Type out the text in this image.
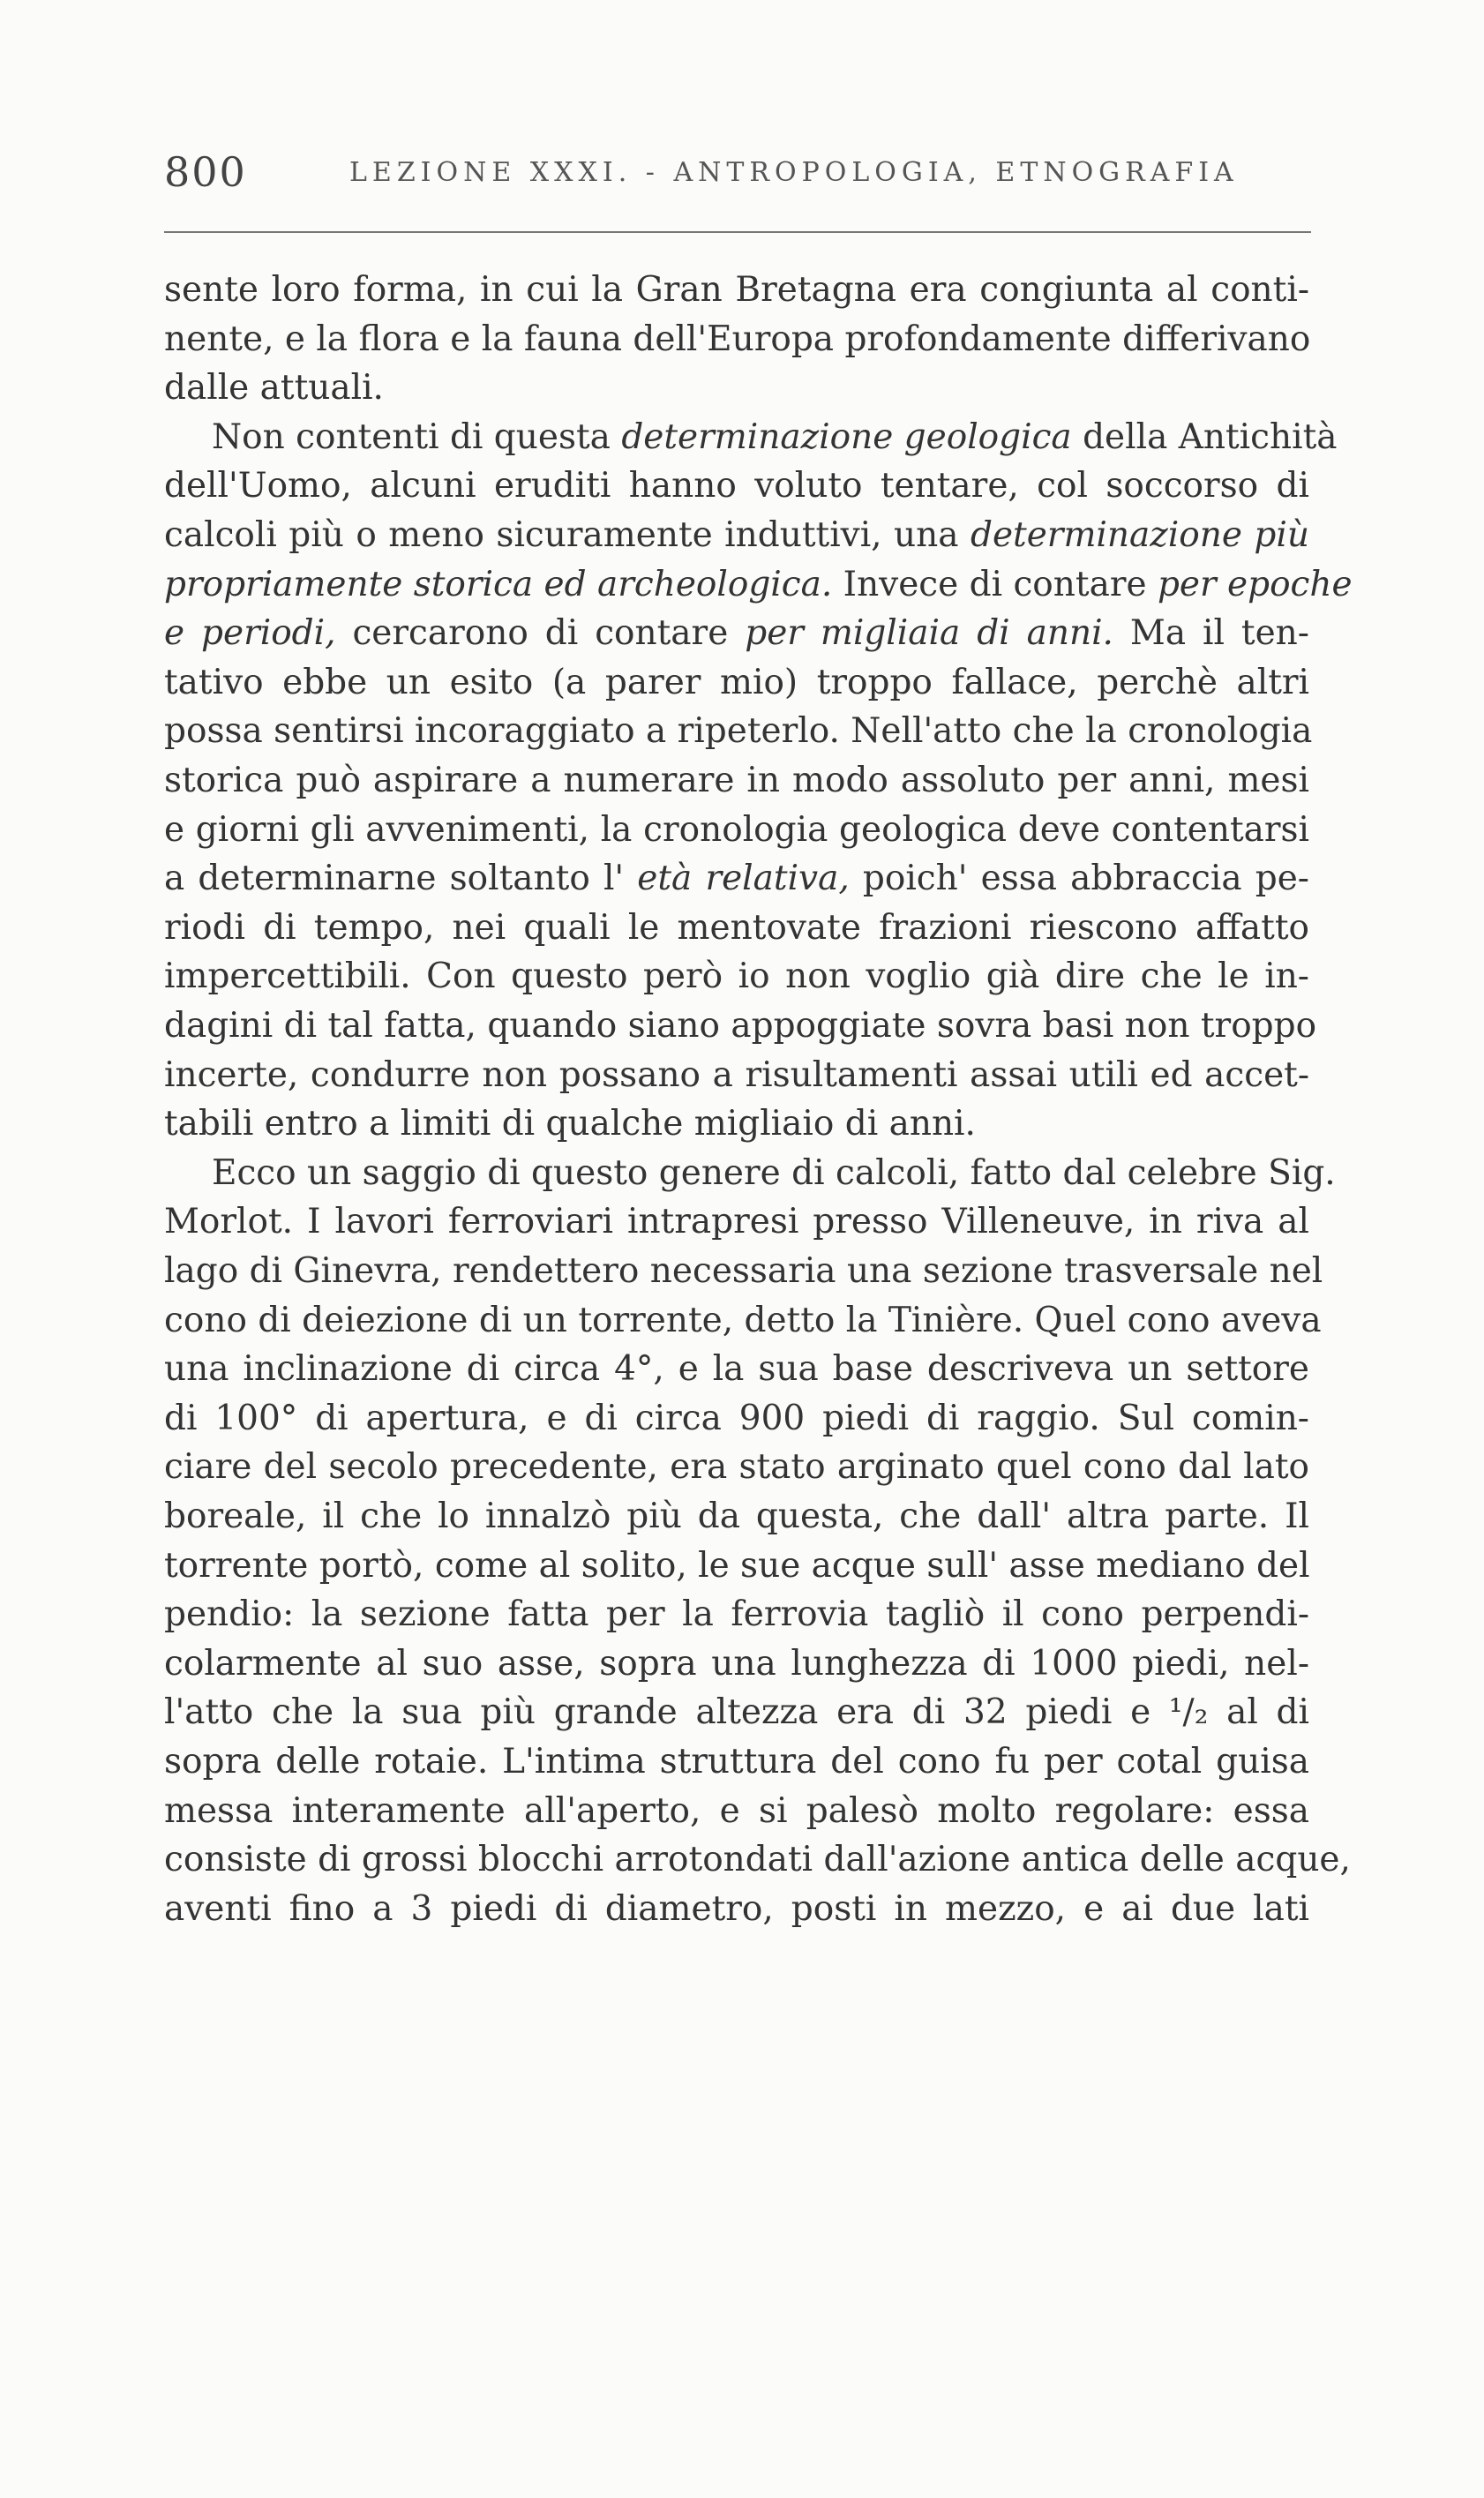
800	LEZIONE XXXI. - ANTROPOLOGIA, ETNOGRAFIA
sente loro forma, in cui la Gran Bretagna era congiunta al conti-
nente, e la flora e la fauna dell'Europa profondamente differivano
dalle attuali.
Non contenti di questa determinazione geologica della Antichità
dell'Uomo, alcuni eruditi hanno voluto tentare, col soccorso di
calcoli più o meno sicuramente induttivi, una determinazione più
propriamente storica ed archeologica. Invece di contare per epoche
e periodi, cercarono di contare per migliaia di anni. Ma il ten-
tativo ebbe un esito (a parer mio) troppo fallace, perchè altri
possa sentirsi incoraggiato a ripeterlo. Nell'atto che la cronologia
storica può aspirare a numerare in modo assoluto per anni, mesi
e giorni gli avvenimenti, la cronologia geologica deve contentarsi
a determinarne soltanto l' età relativa, poich' essa abbraccia pe-
riodi di tempo, nei quali le mentovate frazioni riescono affatto
impercettibili. Con questo però io non voglio già dire che le in-
dagini di tal fatta, quando siano appoggiate sovra basi non troppo
incerte, condurre non possano a risultamenti assai utili ed accet-
tabili entro a limiti di qualche migliaio di anni.
Ecco un saggio di questo genere di calcoli, fatto dal celebre Sig.
Morlot. I lavori ferroviari intrapresi presso Villeneuve, in riva al
lago di Ginevra, rendettero necessaria una sezione trasversale nel
cono di deiezione di un torrente, detto la Tinière. Quel cono aveva
una inclinazione di circa 4°, e la sua base descriveva un settore
di 100° di apertura, e di circa 900 piedi di raggio. Sul comin-
ciare del secolo precedente, era stato arginato quel cono dal lato
boreale, il che lo innalzò più da questa, che dall' altra parte. Il
torrente portò, come al solito, le sue acque sull' asse mediano del
pendio: la sezione fatta per la ferrovia tagliò il cono perpendi-
colarmente al suo asse, sopra una lunghezza di 1000 piedi, nel-
l'atto che la sua più grande altezza era di 32 piedi e ¹/₂ al di
sopra delle rotaie. L'intima struttura del cono fu per cotal guisa
messa interamente all'aperto, e si palesò molto regolare: essa
consiste di grossi blocchi arrotondati dall'azione antica delle acque,
aventi fino a 3 piedi di diametro, posti in mezzo, e ai due lati
